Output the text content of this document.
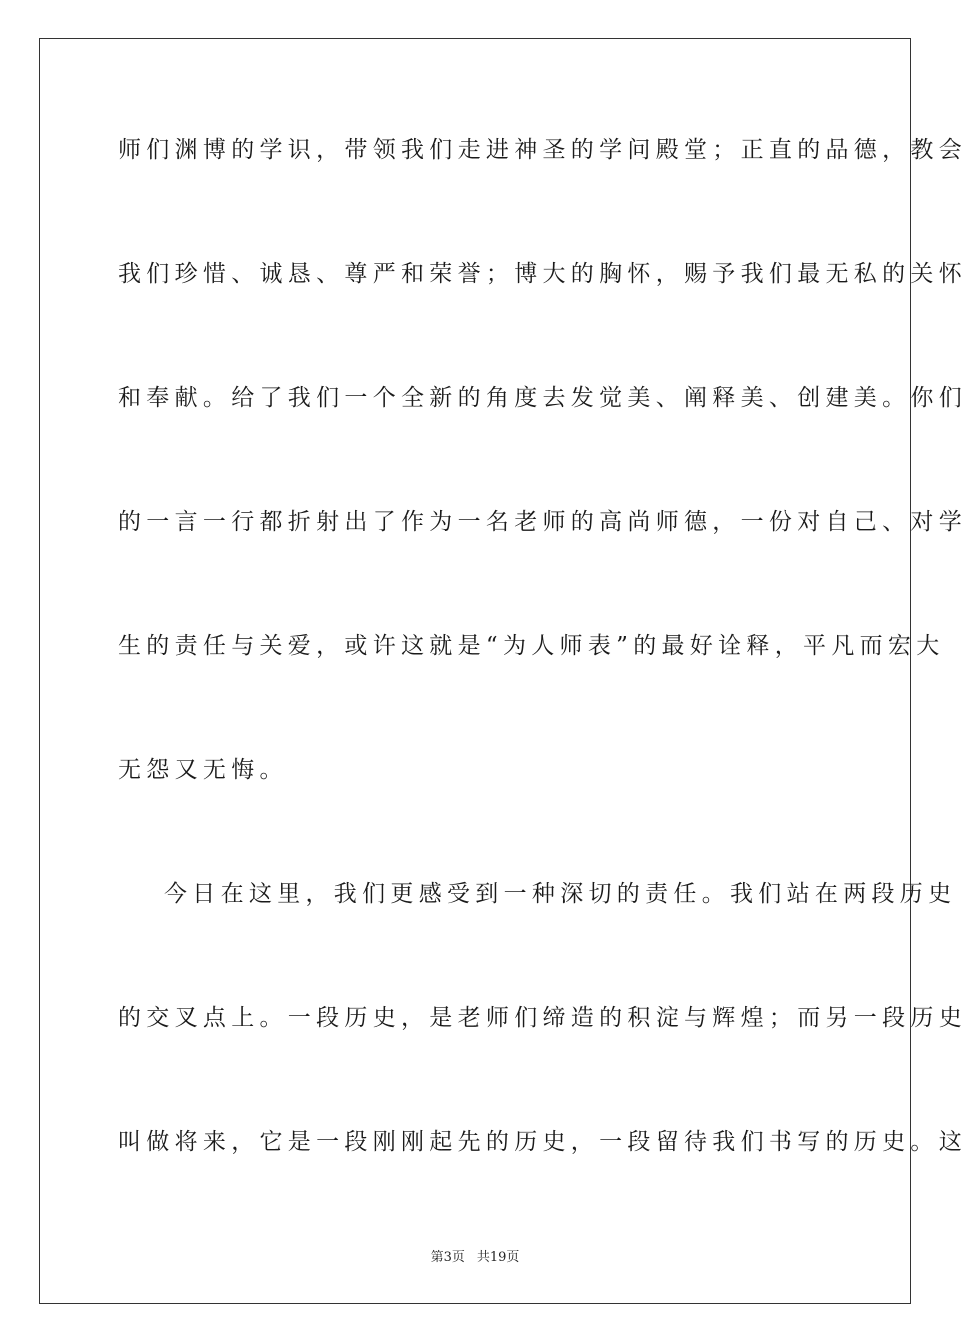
师们渊博的学识，带领我们走进神圣的学问殿堂；正直的品德，教会
我们珍惜、诚恳、尊严和荣誉；博大的胸怀，赐予我们最无私的关怀
和奉献。给了我们一个全新的角度去发觉美、阐释美、创建美。你们
的一言一行都折射出了作为一名老师的高尚师德，一份对自己、对学
生的责任与关爱，或许这就是“为人师表”的最好诠释，平凡而宏大
无怨又无悔。
今日在这里，我们更感受到一种深切的责任。我们站在两段历史
的交叉点上。一段历史，是老师们缔造的积淀与辉煌；而另一段历史
叫做将来，它是一段刚刚起先的历史，一段留待我们书写的历史。这
第3页 共19页
